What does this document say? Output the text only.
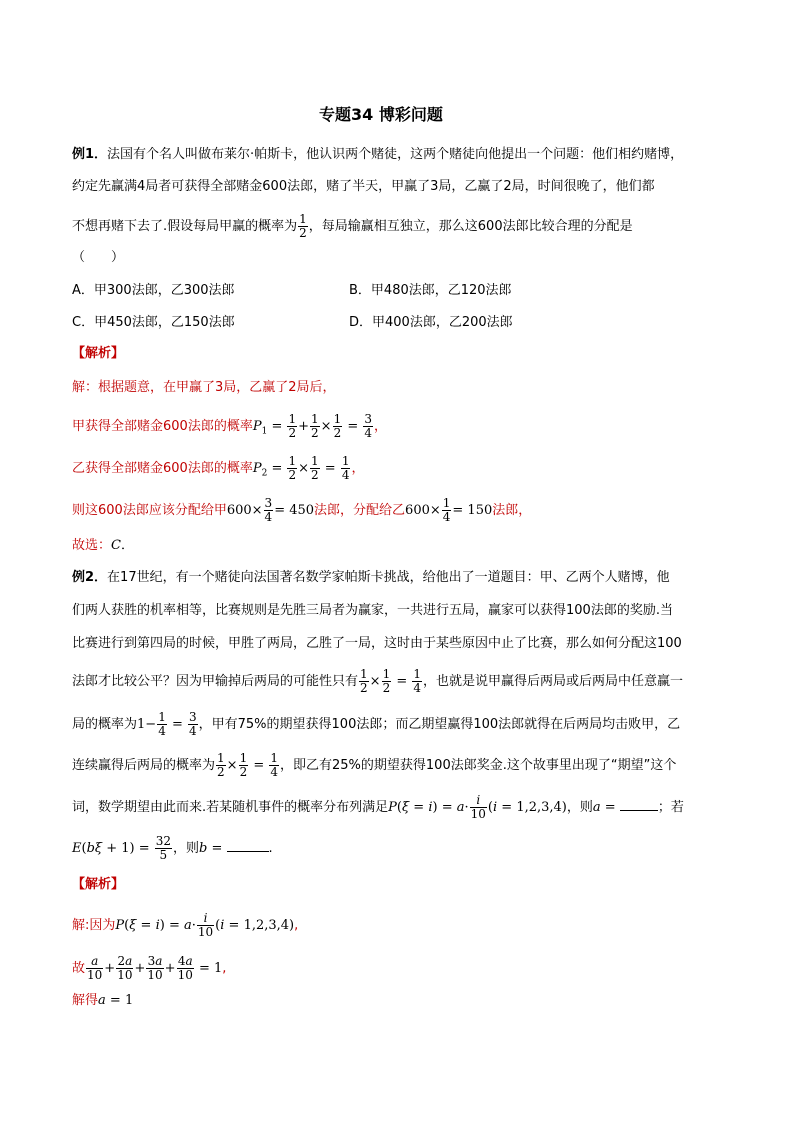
专题34 博彩问题
例1．法国有个名人叫做布莱尔·帕斯卡，他认识两个赌徒，这两个赌徒向他提出一个问题：他们相约赌博，
约定先赢满4局者可获得全部赌金600法郎，赌了半天，甲赢了3局，乙赢了2局，时间很晚了，他们都
不想再赌下去了.假设每局甲赢的概率为 $\frac{1}{2}$ ，每局输赢相互独立，那么这600法郎比较合理的分配是
（　　）
A．甲300法郎，乙300法郎	B．甲480法郎，乙120法郎
C．甲450法郎，乙150法郎	D．甲400法郎，乙200法郎
【解析】
解：根据题意，在甲赢了3局，乙赢了2局后，
甲获得全部赌金600法郎的概率$P_1 = \frac{1}{2} + \frac{1}{2} \times \frac{1}{2} = \frac{3}{4}$ ，
乙获得全部赌金600法郎的概率$P_2 = \frac{1}{2} \times \frac{1}{2} = \frac{1}{4}$ ，
则这600法郎应该分配给甲$600\times \frac{3}{4} = 450$法郎，分配给乙$600\times \frac{1}{4} = 150$法郎，
故选：C．
例2．在17世纪，有一个赌徒向法国著名数学家帕斯卡挑战，给他出了一道题目：甲、乙两个人赌博，他
们两人获胜的机率相等，比赛规则是先胜三局者为赢家，一共进行五局，赢家可以获得100法郎的奖励.当
比赛进行到第四局的时候，甲胜了两局，乙胜了一局，这时由于某些原因中止了比赛，那么如何分配这100
法郎才比较公平？因为甲输掉后两局的可能性只有 $\frac{1}{2} \times \frac{1}{2} = \frac{1}{4}$ ，也就是说甲赢得后两局或后两局中任意赢一
局的概率为$1- \frac{1}{4} = \frac{3}{4}$ ，甲有75%的期望获得100法郎；而乙期望赢得100法郎就得在后两局均击败甲，乙
连续赢得后两局的概率为 $\frac{1}{2} \times \frac{1}{2} = \frac{1}{4}$ ，即乙有25%的期望获得100法郎奖金.这个故事里出现了“期望”这个
词，数学期望由此而来.若某随机事件的概率分布列满足$P(\xi = i) = a\cdot \frac{i}{10} (i = 1,2,3,4)$，则a =	；若
$E(b\xi + 1) = \frac{32}{5}$ ，则b =	.
【解析】
解:因为$P(\xi = i) = a\cdot \frac{i}{10} (i = 1,2,3,4)$,
故 $\frac{a}{10} + \frac{2a}{10} + \frac{3a}{10} + \frac{4a}{10} = 1$,
解得a = 1
